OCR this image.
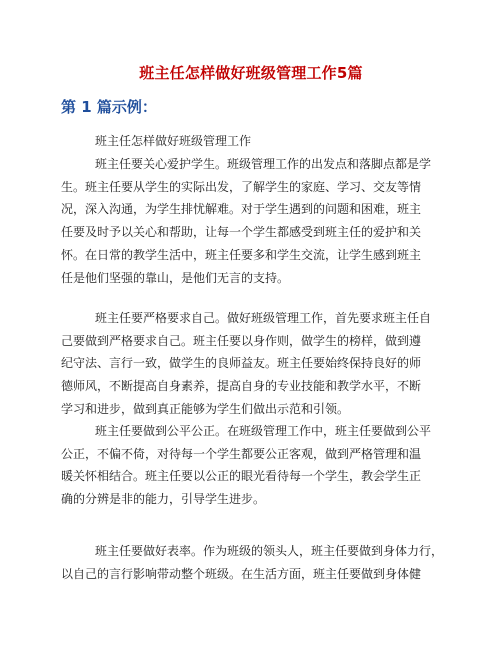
班主任怎样做好班级管理工作5篇
第 1 篇示例：
班主任怎样做好班级管理工作
班主任要关心爱护学生。班级管理工作的出发点和落脚点都是学
生。班主任要从学生的实际出发，了解学生的家庭、学习、交友等情
况，深入沟通，为学生排忧解难。对于学生遇到的问题和困难，班主
任要及时予以关心和帮助，让每一个学生都感受到班主任的爱护和关
怀。在日常的教学生活中，班主任要多和学生交流，让学生感到班主
任是他们坚强的靠山，是他们无言的支持。
班主任要严格要求自己。做好班级管理工作，首先要求班主任自
己要做到严格要求自己。班主任要以身作则，做学生的榜样，做到遵
纪守法、言行一致，做学生的良师益友。班主任要始终保持良好的师
德师风，不断提高自身素养，提高自身的专业技能和教学水平，不断
学习和进步，做到真正能够为学生们做出示范和引领。
班主任要做到公平公正。在班级管理工作中，班主任要做到公平
公正，不偏不倚，对待每一个学生都要公正客观，做到严格管理和温
暖关怀相结合。班主任要以公正的眼光看待每一个学生，教会学生正
确的分辨是非的能力，引导学生进步。
班主任要做好表率。作为班级的领头人，班主任要做到身体力行，
以自己的言行影响带动整个班级。在生活方面，班主任要做到身体健
